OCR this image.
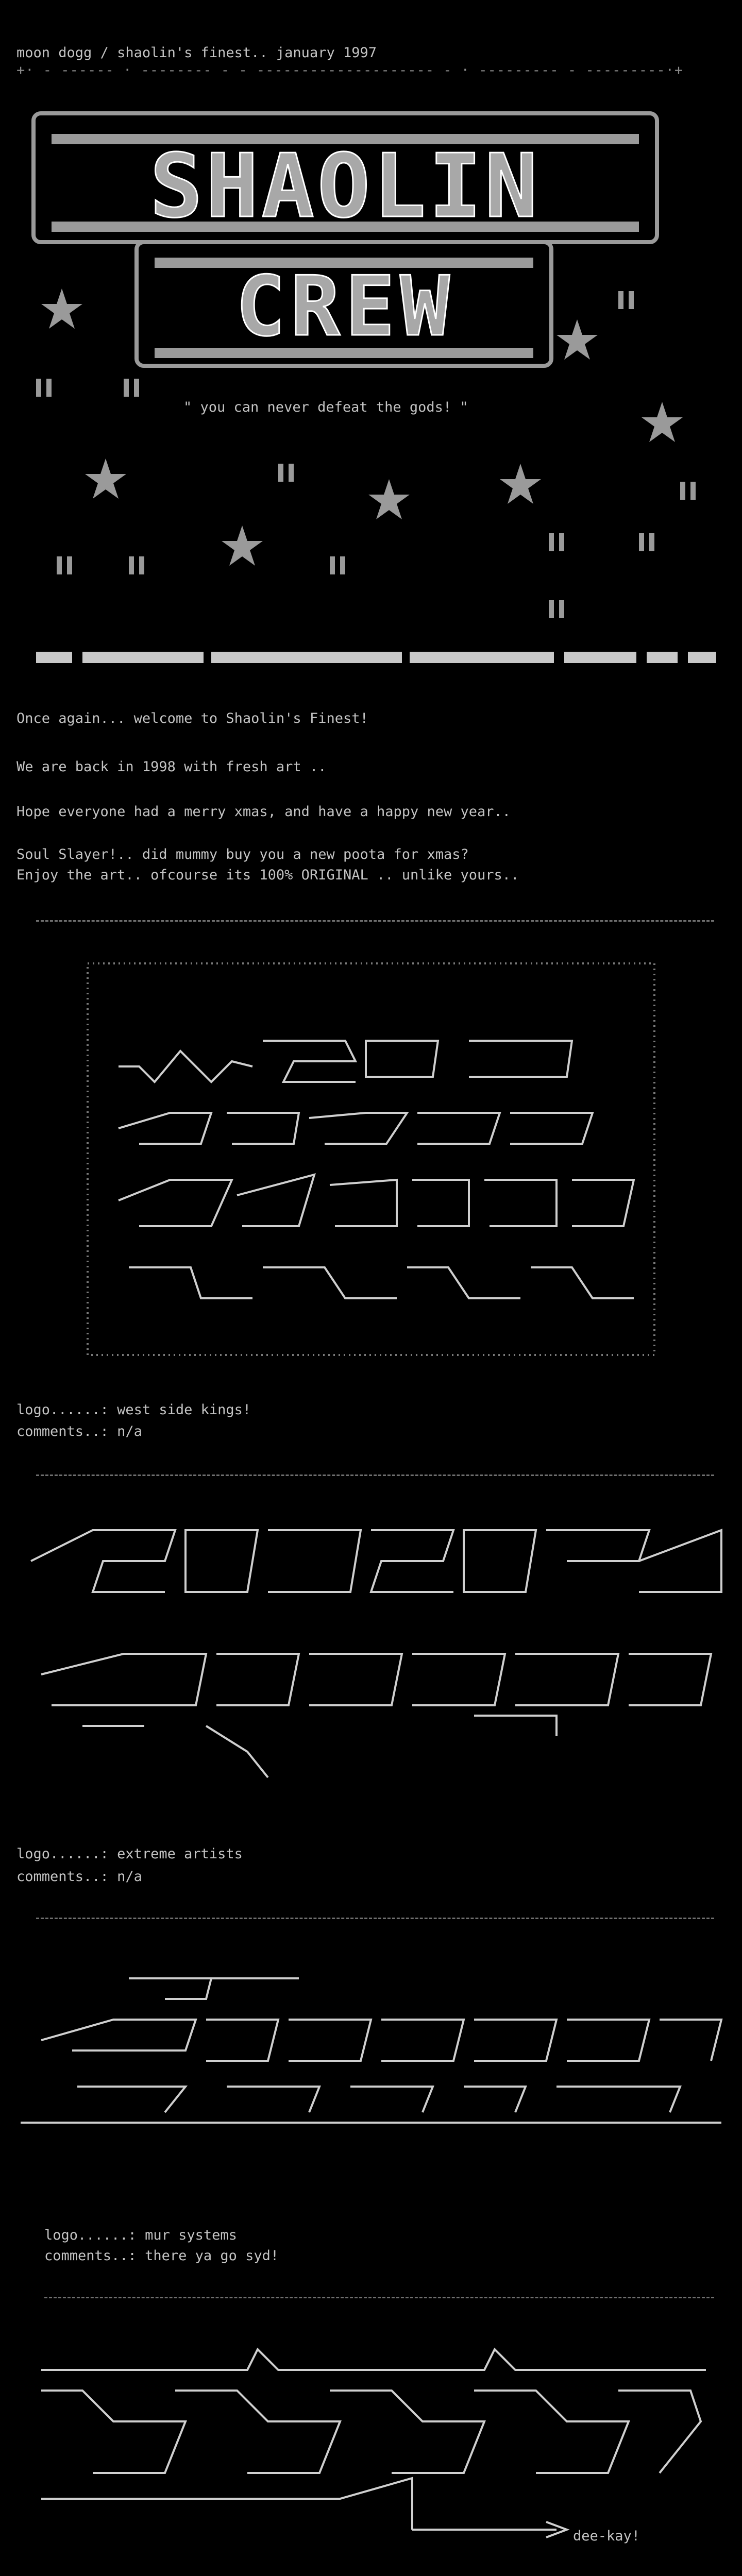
moon dogg / shaolin's finest.. january 1997

+· - ------ · -------- - - -------------------- - · --------- - ---------·+

SHAOLIN
CREW

" you can never defeat the gods! "

Once again... welcome to Shaolin's Finest!

We are back in 1998 with fresh art ..

Hope everyone had a merry xmas, and have a happy new year..

Soul Slayer!.. did mummy buy you a new poota for xmas?

Enjoy the art.. ofcourse its 100% ORIGINAL .. unlike yours..

logo......: west side kings!

comments..: n/a

logo......: extreme artists

comments..: n/a

logo......: mur systems

comments..: there ya go syd!

dee-kay!
